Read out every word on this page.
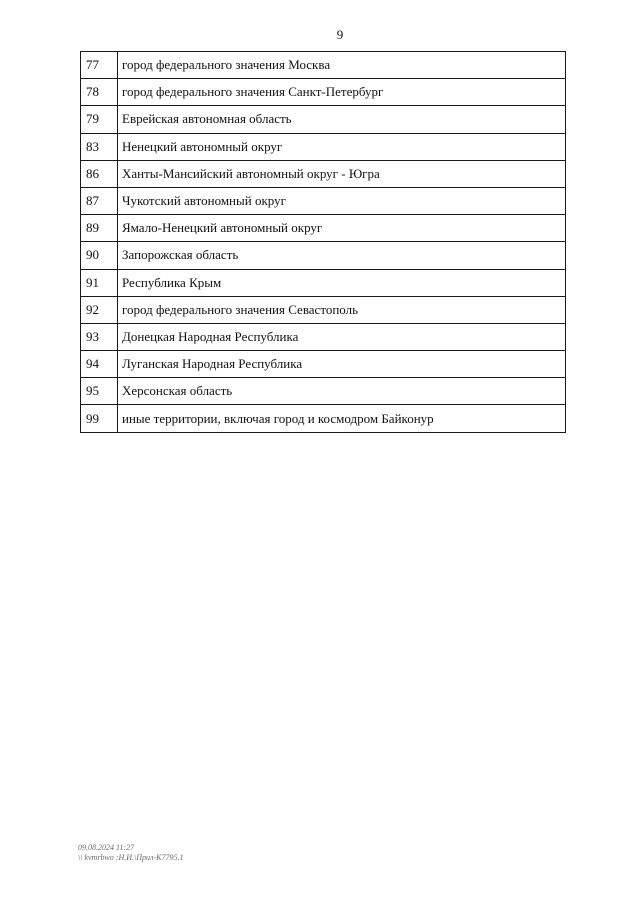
9
77	город федерального значения Москва
78	город федерального значения Санкт-Петербург
79	Еврейская автономная область
83	Ненецкий автономный округ
86	Ханты-Мансийский автономный округ - Югра
87	Чукотский автономный округ
89	Ямало-Ненецкий автономный округ
90	Запорожская область
91	Республика Крым
92	город федерального значения Севастополь
93	Донецкая Народная Республика
94	Луганская Народная Республика
95	Херсонская область
99	иные территории, включая город и космодром Байконур
09.08.2024 11:27
\\ kvmrbwo :Н.И.\Прил-К7795.1
